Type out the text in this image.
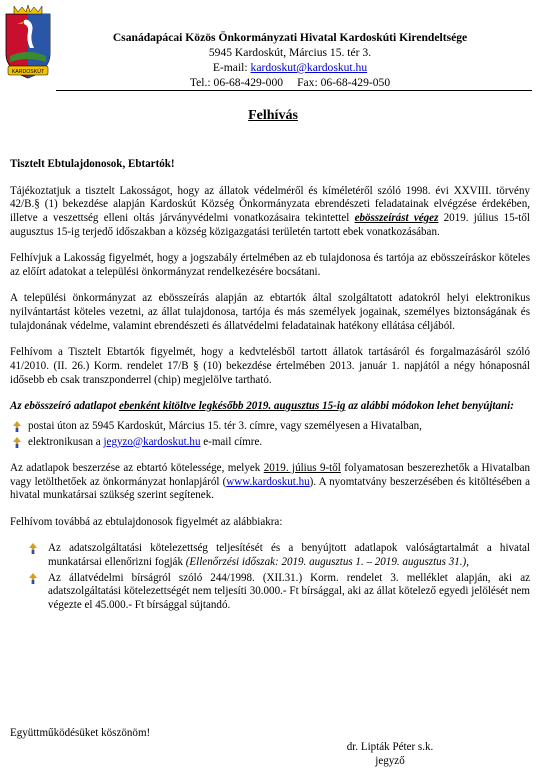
KARDOSKÚT
Csanádapácai Közös Önkormányzati Hivatal Kardoskúti Kirendeltsége
5945 Kardoskút, Március 15. tér 3.
E-mail: kardoskut@kardoskut.hu
Tel.: 06-68-429-000 Fax: 06-68-429-050
Felhívás

Tisztelt Ebtulajdonosok, Ebtartók!

Tájékoztatjuk a tisztelt Lakosságot, hogy az állatok védelméről és kíméletéről szóló 1998. évi XXVIII. törvény 42/B.§ (1) bekezdése alapján Kardoskút Község Önkormányzata ebrendészeti feladatainak elvégzése érdekében, illetve a veszettség elleni oltás járványvédelmi vonatkozásaira tekintettel ebösszeírást végez 2019. július 15-től augusztus 15-ig terjedő időszakban a község közigazgatási területén tartott ebek vonatkozásában.

Felhívjuk a Lakosság figyelmét, hogy a jogszabály értelmében az eb tulajdonosa és tartója az ebösszeíráskor köteles az előírt adatokat a települési önkormányzat rendelkezésére bocsátani.

A települési önkormányzat az ebösszeírás alapján az ebtartók által szolgáltatott adatokról helyi elektronikus nyilvántartást köteles vezetni, az állat tulajdonosa, tartója és más személyek jogainak, személyes biztonságának és tulajdonának védelme, valamint ebrendészeti és állatvédelmi feladatainak hatékony ellátása céljából.

Felhívom a Tisztelt Ebtartók figyelmét, hogy a kedvtelésből tartott állatok tartásáról és forgalmazásáról szóló 41/2010. (II. 26.) Korm. rendelet 17/B § (10) bekezdése értelmében 2013. január 1. napjától a négy hónaposnál idősebb eb csak transzponderrel (chip) megjelölve tartható.

Az ebösszeíró adatlapot ebenként kitöltve legkésőbb 2019. augusztus 15-ig az alábbi módokon lehet benyújtani:

postai úton az 5945 Kardoskút, Március 15. tér 3. címre, vagy személyesen a Hivatalban,
elektronikusan a jegyzo@kardoskut.hu e-mail címre.

Az adatlapok beszerzése az ebtartó kötelessége, melyek 2019. július 9-től folyamatosan beszerezhetők a Hivatalban vagy letölthetőek az önkormányzat honlapjáról (www.kardoskut.hu). A nyomtatvány beszerzésében és kitöltésében a hivatal munkatársai szükség szerint segítenek.

Felhívom továbbá az ebtulajdonosok figyelmét az alábbiakra:

Az adatszolgáltatási kötelezettség teljesítését és a benyújtott adatlapok valóságtartalmát a hivatal munkatársai ellenőrizni fogják (Ellenőrzési időszak: 2019. augusztus 1. – 2019. augusztus 31.),
Az állatvédelmi bírságról szóló 244/1998. (XII.31.) Korm. rendelet 3. melléklet alapján, aki az adatszolgáltatási kötelezettségét nem teljesíti 30.000.- Ft bírsággal, aki az állat kötelező egyedi jelölését nem végezte el 45.000.- Ft bírsággal sújtandó.
Együttműködésüket köszönöm!
dr. Lipták Péter s.k.
jegyző
